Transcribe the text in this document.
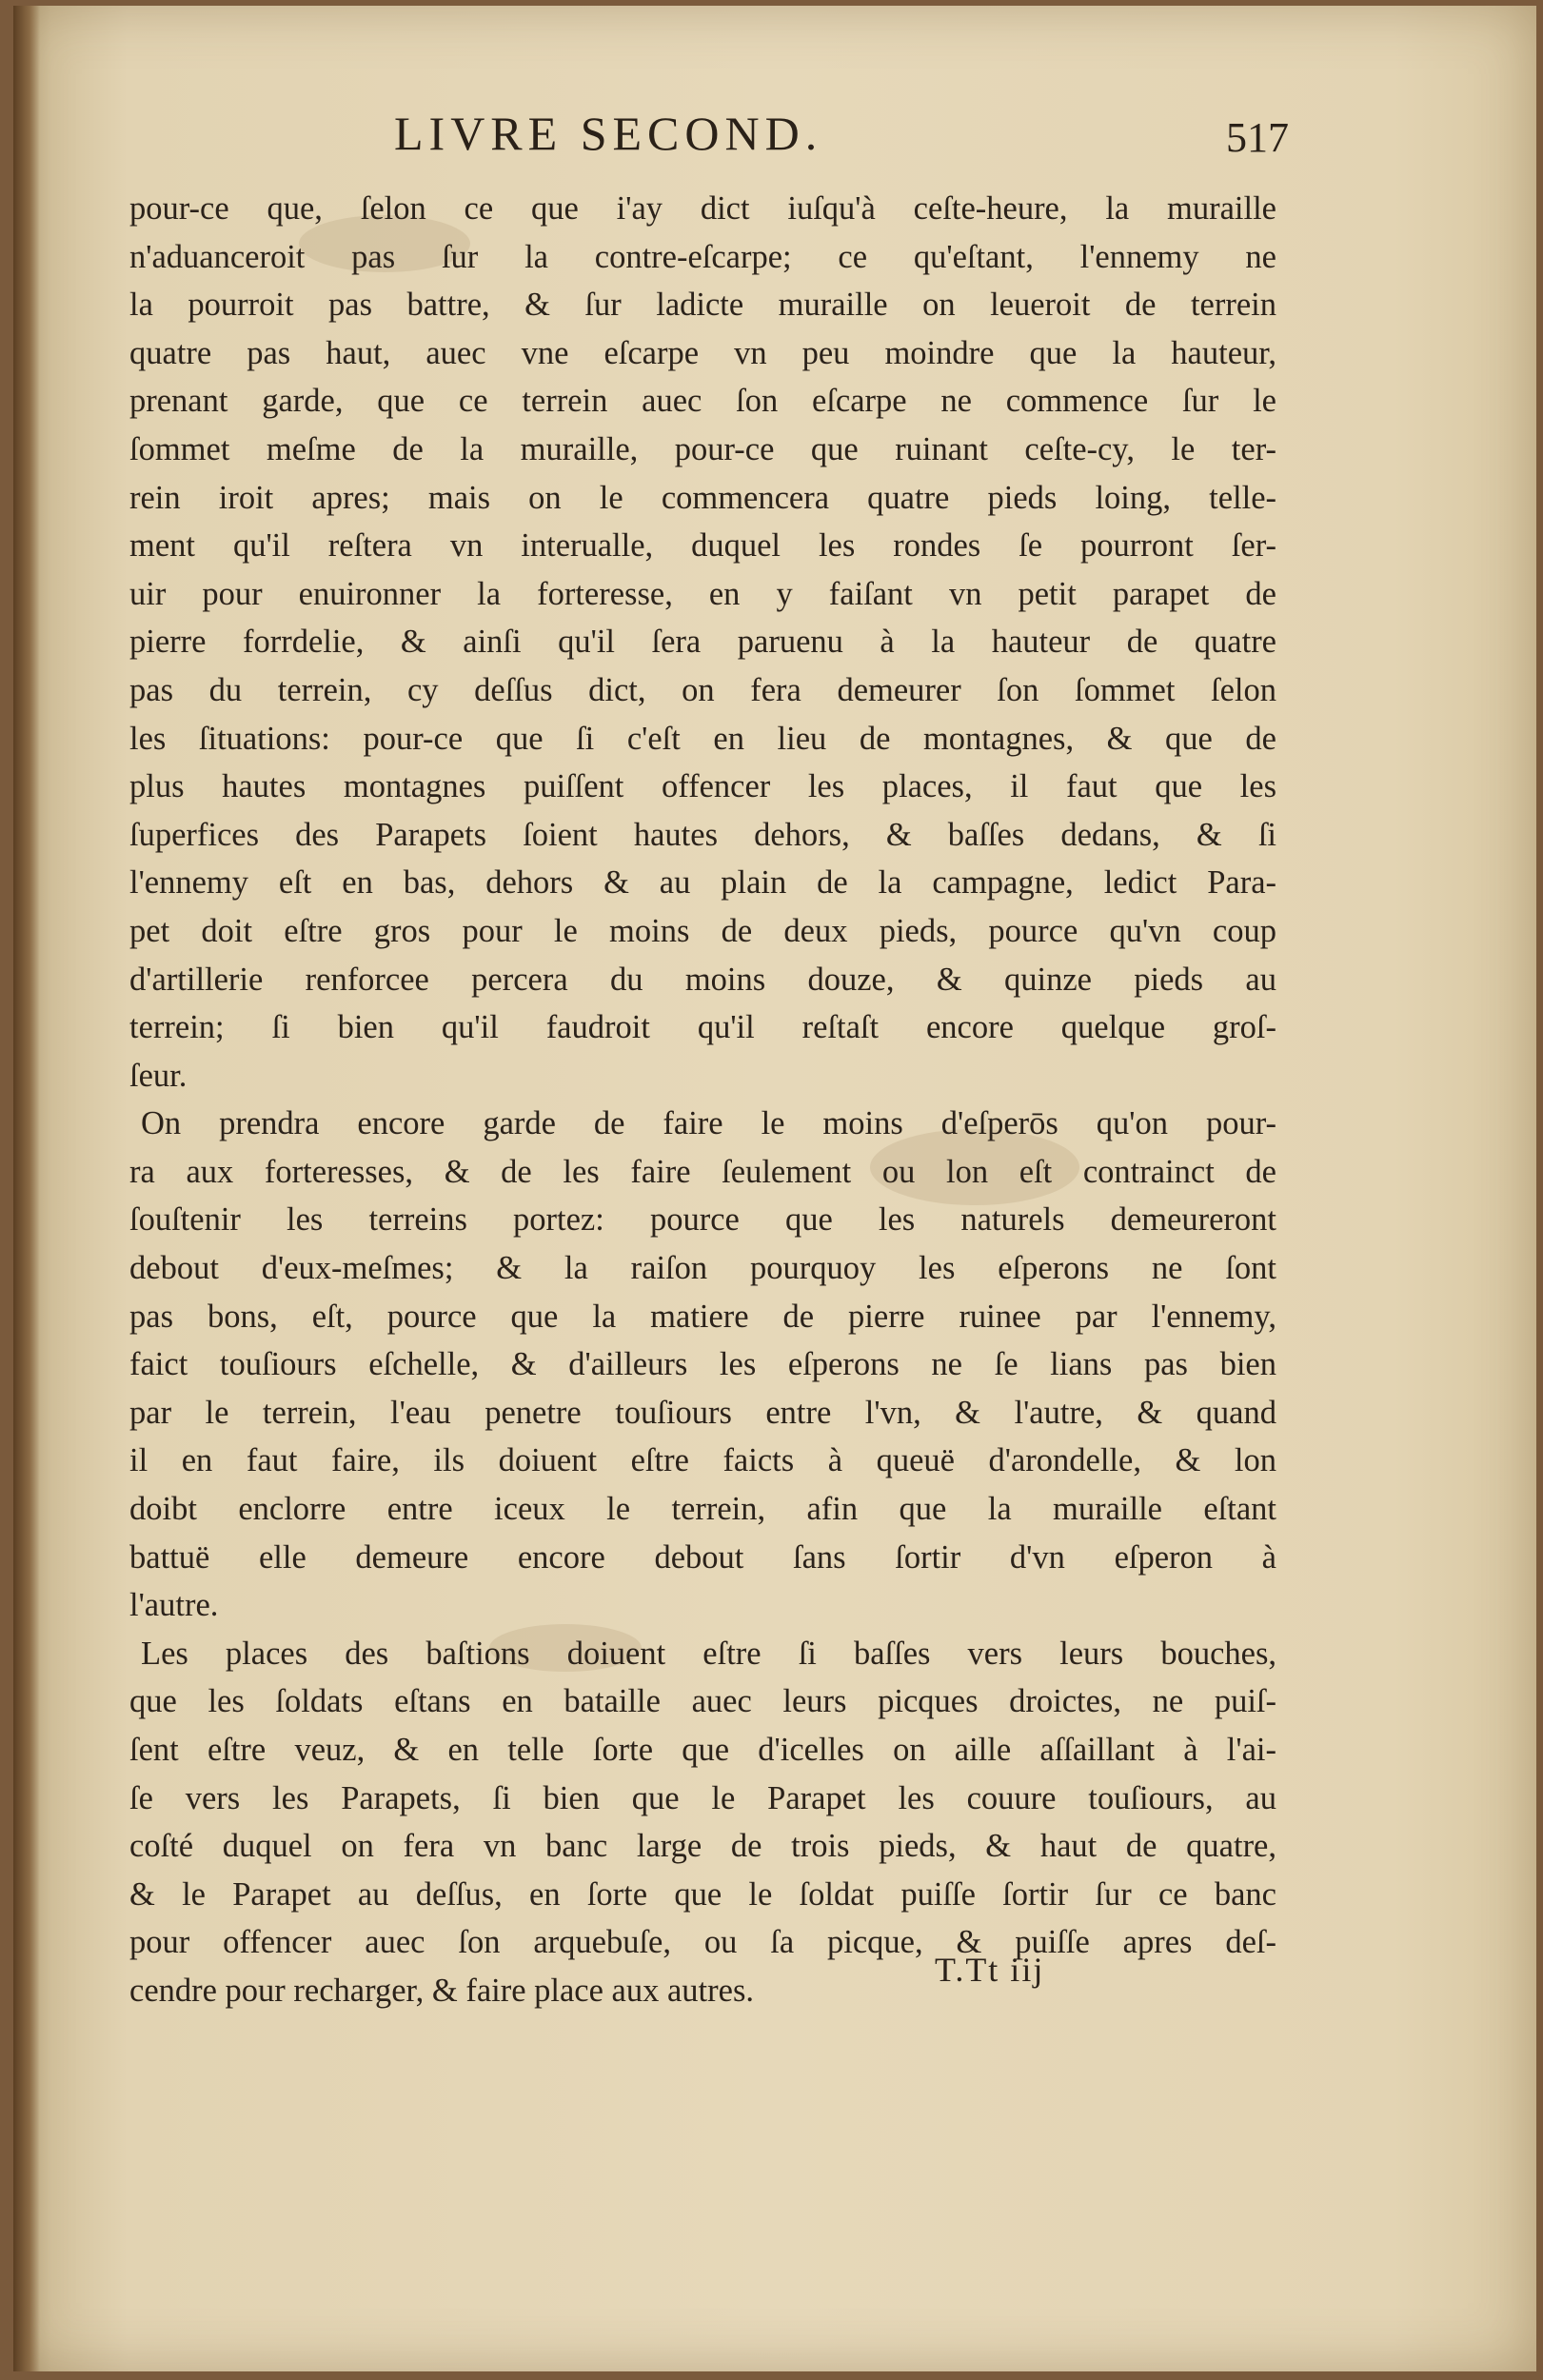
LIVRE SECOND.	517
pour-ce que, ſelon ce que i'ay dict iuſqu'à ceſte-heure, la muraille
n'aduanceroit pas ſur la contre-eſcarpe; ce qu'eſtant, l'ennemy ne
la pourroit pas battre, & ſur ladicte muraille on leueroit de terrein
quatre pas haut, auec vne eſcarpe vn peu moindre que la hauteur,
prenant garde, que ce terrein auec ſon eſcarpe ne commence ſur le
ſommet meſme de la muraille, pour-ce que ruinant ceſte-cy, le ter-
rein iroit apres; mais on le commencera quatre pieds loing, telle-
ment qu'il reſtera vn interualle, duquel les rondes ſe pourront ſer-
uir pour enuironner la forteresse, en y faiſant vn petit parapet de
pierre forrdelie, & ainſi qu'il ſera paruenu à la hauteur de quatre
pas du terrein, cy deſſus dict, on fera demeurer ſon ſommet ſelon
les ſituations: pour-ce que ſi c'eſt en lieu de montagnes, & que de
plus hautes montagnes puiſſent offencer les places, il faut que les
ſuperfices des Parapets ſoient hautes dehors, & baſſes dedans, & ſi
l'ennemy eſt en bas, dehors & au plain de la campagne, ledict Para-
pet doit eſtre gros pour le moins de deux pieds, pource qu'vn coup
d'artillerie renforcee percera du moins douze, & quinze pieds au
terrein; ſi bien qu'il faudroit qu'il reſtaſt encore quelque groſ-
ſeur.
On prendra encore garde de faire le moins d'eſperōs qu'on pour-
ra aux forteresses, & de les faire ſeulement ou lon eſt contrainct de
ſouſtenir les terreins portez: pource que les naturels demeureront
debout d'eux-meſmes; & la raiſon pourquoy les eſperons ne ſont
pas bons, eſt, pource que la matiere de pierre ruinee par l'ennemy,
faict touſiours eſchelle, & d'ailleurs les eſperons ne ſe lians pas bien
par le terrein, l'eau penetre touſiours entre l'vn, & l'autre, & quand
il en faut faire, ils doiuent eſtre faicts à queuë d'arondelle, & lon
doibt enclorre entre iceux le terrein, afin que la muraille eſtant
battuë elle demeure encore debout ſans ſortir d'vn eſperon à
l'autre.
Les places des baſtions doiuent eſtre ſi baſſes vers leurs bouches,
que les ſoldats eſtans en bataille auec leurs picques droictes, ne puiſ-
ſent eſtre veuz, & en telle ſorte que d'icelles on aille aſſaillant à l'ai-
ſe vers les Parapets, ſi bien que le Parapet les couure touſiours, au
coſté duquel on fera vn banc large de trois pieds, & haut de quatre,
& le Parapet au deſſus, en ſorte que le ſoldat puiſſe ſortir ſur ce banc
pour offencer auec ſon arquebuſe, ou ſa picque, & puiſſe apres deſ-
cendre pour recharger, & faire place aux autres.
T.Tt iij
